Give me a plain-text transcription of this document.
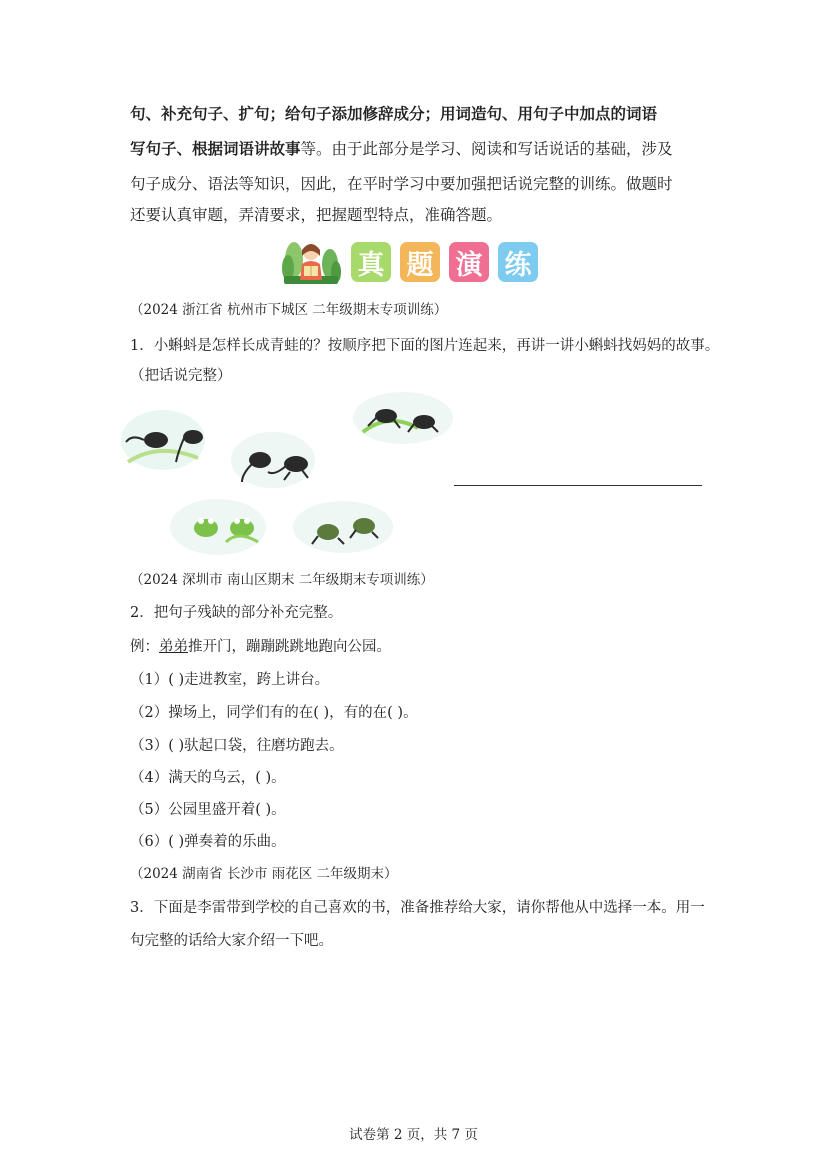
句、补充句子、扩句；给句子添加修辞成分；用词造句、用句子中加点的词语
写句子、根据词语讲故事等。由于此部分是学习、阅读和写话说话的基础，涉及
句子成分、语法等知识，因此，在平时学习中要加强把话说完整的训练。做题时
还要认真审题，弄清要求，把握题型特点，准确答题。
真 题 演 练
（2024 浙江省 杭州市下城区 二年级期末专项训练）
1．小蝌蚪是怎样长成青蛙的？按顺序把下面的图片连起来，再讲一讲小蝌蚪找妈妈的故事。
（把话说完整）
（2024 深圳市 南山区期末 二年级期末专项训练）
2．把句子残缺的部分补充完整。
例：弟弟推开门，蹦蹦跳跳地跑向公园。
（1）( )走进教室，跨上讲台。
（2）操场上，同学们有的在( )，有的在( )。
（3）( )驮起口袋，往磨坊跑去。
（4）满天的乌云，( )。
（5）公园里盛开着( )。
（6）( )弹奏着的乐曲。
（2024 湖南省 长沙市 雨花区 二年级期末）
3．下面是李雷带到学校的自己喜欢的书，准备推荐给大家，请你帮他从中选择一本。用一
句完整的话给大家介绍一下吧。
试卷第 2 页，共 7 页
